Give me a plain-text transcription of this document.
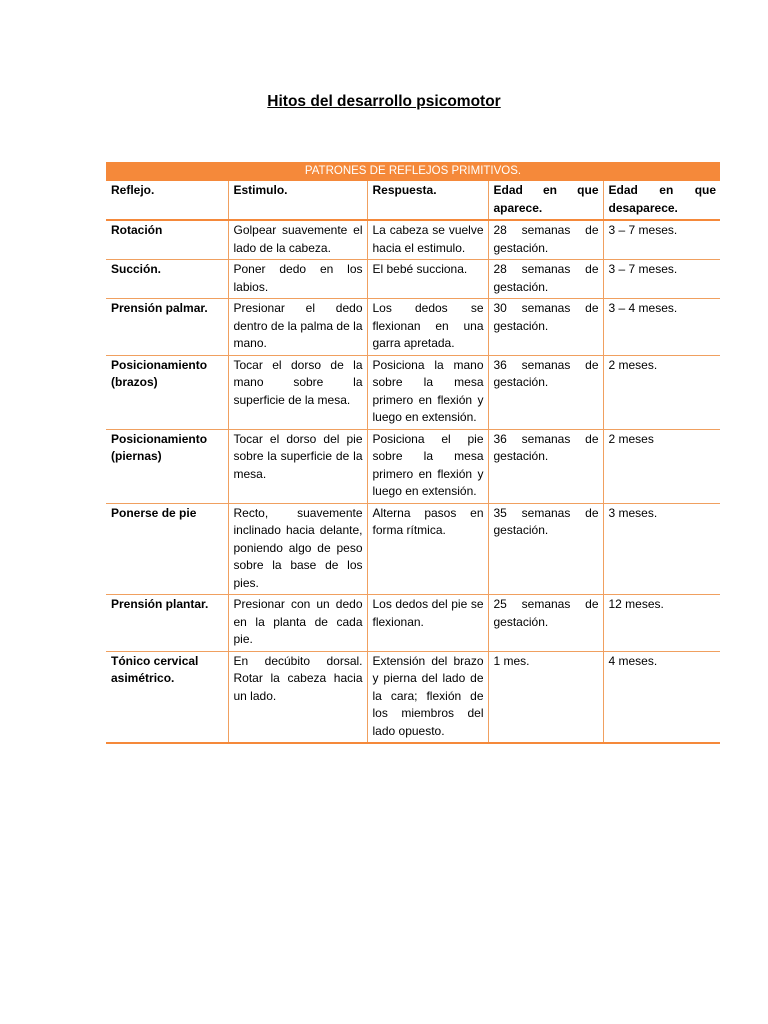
Hitos del desarrollo psicomotor
PATRONES DE REFLEJOS PRIMITIVOS.				
Reflejo.	Estimulo.	Respuesta.	Edad en que aparece.	Edad en que desaparece.
Rotación	Golpear suavemente el lado de la cabeza.	La cabeza se vuelve hacia el estimulo.	28 semanas de gestación.	3 – 7 meses.
Succión.	Poner dedo en los labios.	El bebé succiona.	28 semanas de gestación.	3 – 7 meses.
Prensión palmar.	Presionar el dedo dentro de la palma de la mano.	Los dedos se flexionan en una garra apretada.	30 semanas de gestación.	3 – 4 meses.
Posicionamiento (brazos)	Tocar el dorso de la mano sobre la superficie de la mesa.	Posiciona la mano sobre la mesa primero en flexión y luego en extensión.	36 semanas de gestación.	2 meses.
Posicionamiento (piernas)	Tocar el dorso del pie sobre la superficie de la mesa.	Posiciona el pie sobre la mesa primero en flexión y luego en extensión.	36 semanas de gestación.	2 meses
Ponerse de pie	Recto, suavemente inclinado hacia delante, poniendo algo de peso sobre la base de los pies.	Alterna pasos en forma rítmica.	35 semanas de gestación.	3 meses.
Prensión plantar.	Presionar con un dedo en la planta de cada pie.	Los dedos del pie se flexionan.	25 semanas de gestación.	12 meses.
Tónico cervical asimétrico.	En decúbito dorsal. Rotar la cabeza hacia un lado.	Extensión del brazo y pierna del lado de la cara; flexión de los miembros del lado opuesto.	1 mes.	4 meses.
